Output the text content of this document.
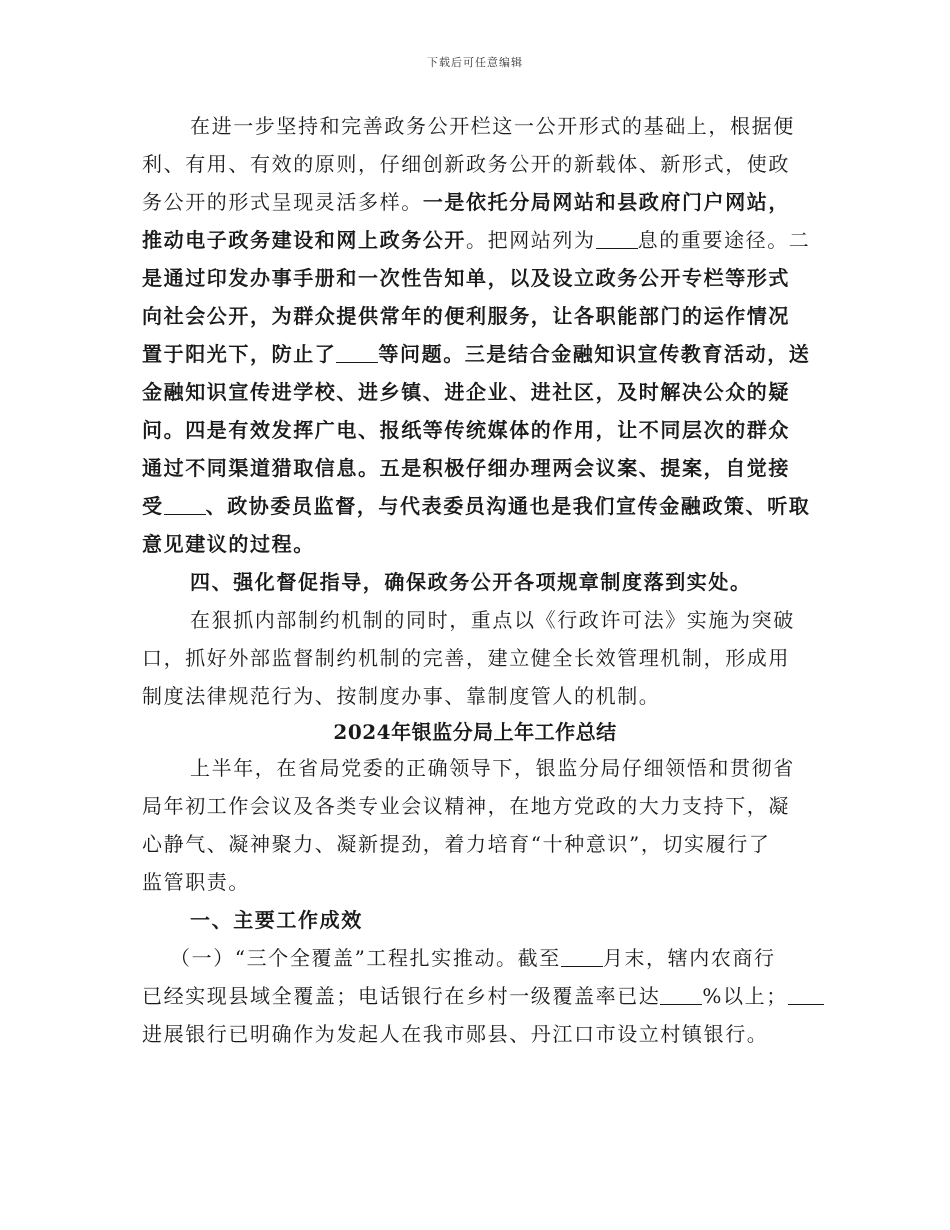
下载后可任意编辑
在进一步坚持和完善政务公开栏这一公开形式的基础上，根据便
利、有用、有效的原则，仔细创新政务公开的新载体、新形式，使政
务公开的形式呈现灵活多样。一是依托分局网站和县政府门户网站，
推动电子政务建设和网上政务公开。把网站列为 息的重要途径。二
是通过印发办事手册和一次性告知单，以及设立政务公开专栏等形式
向社会公开，为群众提供常年的便利服务，让各职能部门的运作情况
置于阳光下，防止了 等问题。三是结合金融知识宣传教育活动，送
金融知识宣传进学校、进乡镇、进企业、进社区，及时解决公众的疑
问。四是有效发挥广电、报纸等传统媒体的作用，让不同层次的群众
通过不同渠道猎取信息。五是积极仔细办理两会议案、提案，自觉接
受 、政协委员监督，与代表委员沟通也是我们宣传金融政策、听取
意见建议的过程。
四、强化督促指导，确保政务公开各项规章制度落到实处。
在狠抓内部制约机制的同时，重点以《行政许可法》实施为突破
口，抓好外部监督制约机制的完善，建立健全长效管理机制，形成用
制度法律规范行为、按制度办事、靠制度管人的机制。
2024年银监分局上年工作总结
上半年，在省局党委的正确领导下，银监分局仔细领悟和贯彻省
局年初工作会议及各类专业会议精神，在地方党政的大力支持下，凝
心静气、凝神聚力、凝新提劲，着力培育“十种意识”，切实履行了
监管职责。
一、主要工作成效
（一）“三个全覆盖”工程扎实推动。截至 月末，辖内农商行
已经实现县域全覆盖；电话银行在乡村一级覆盖率已达 %以上；
进展银行已明确作为发起人在我市郧县、丹江口市设立村镇银行。
